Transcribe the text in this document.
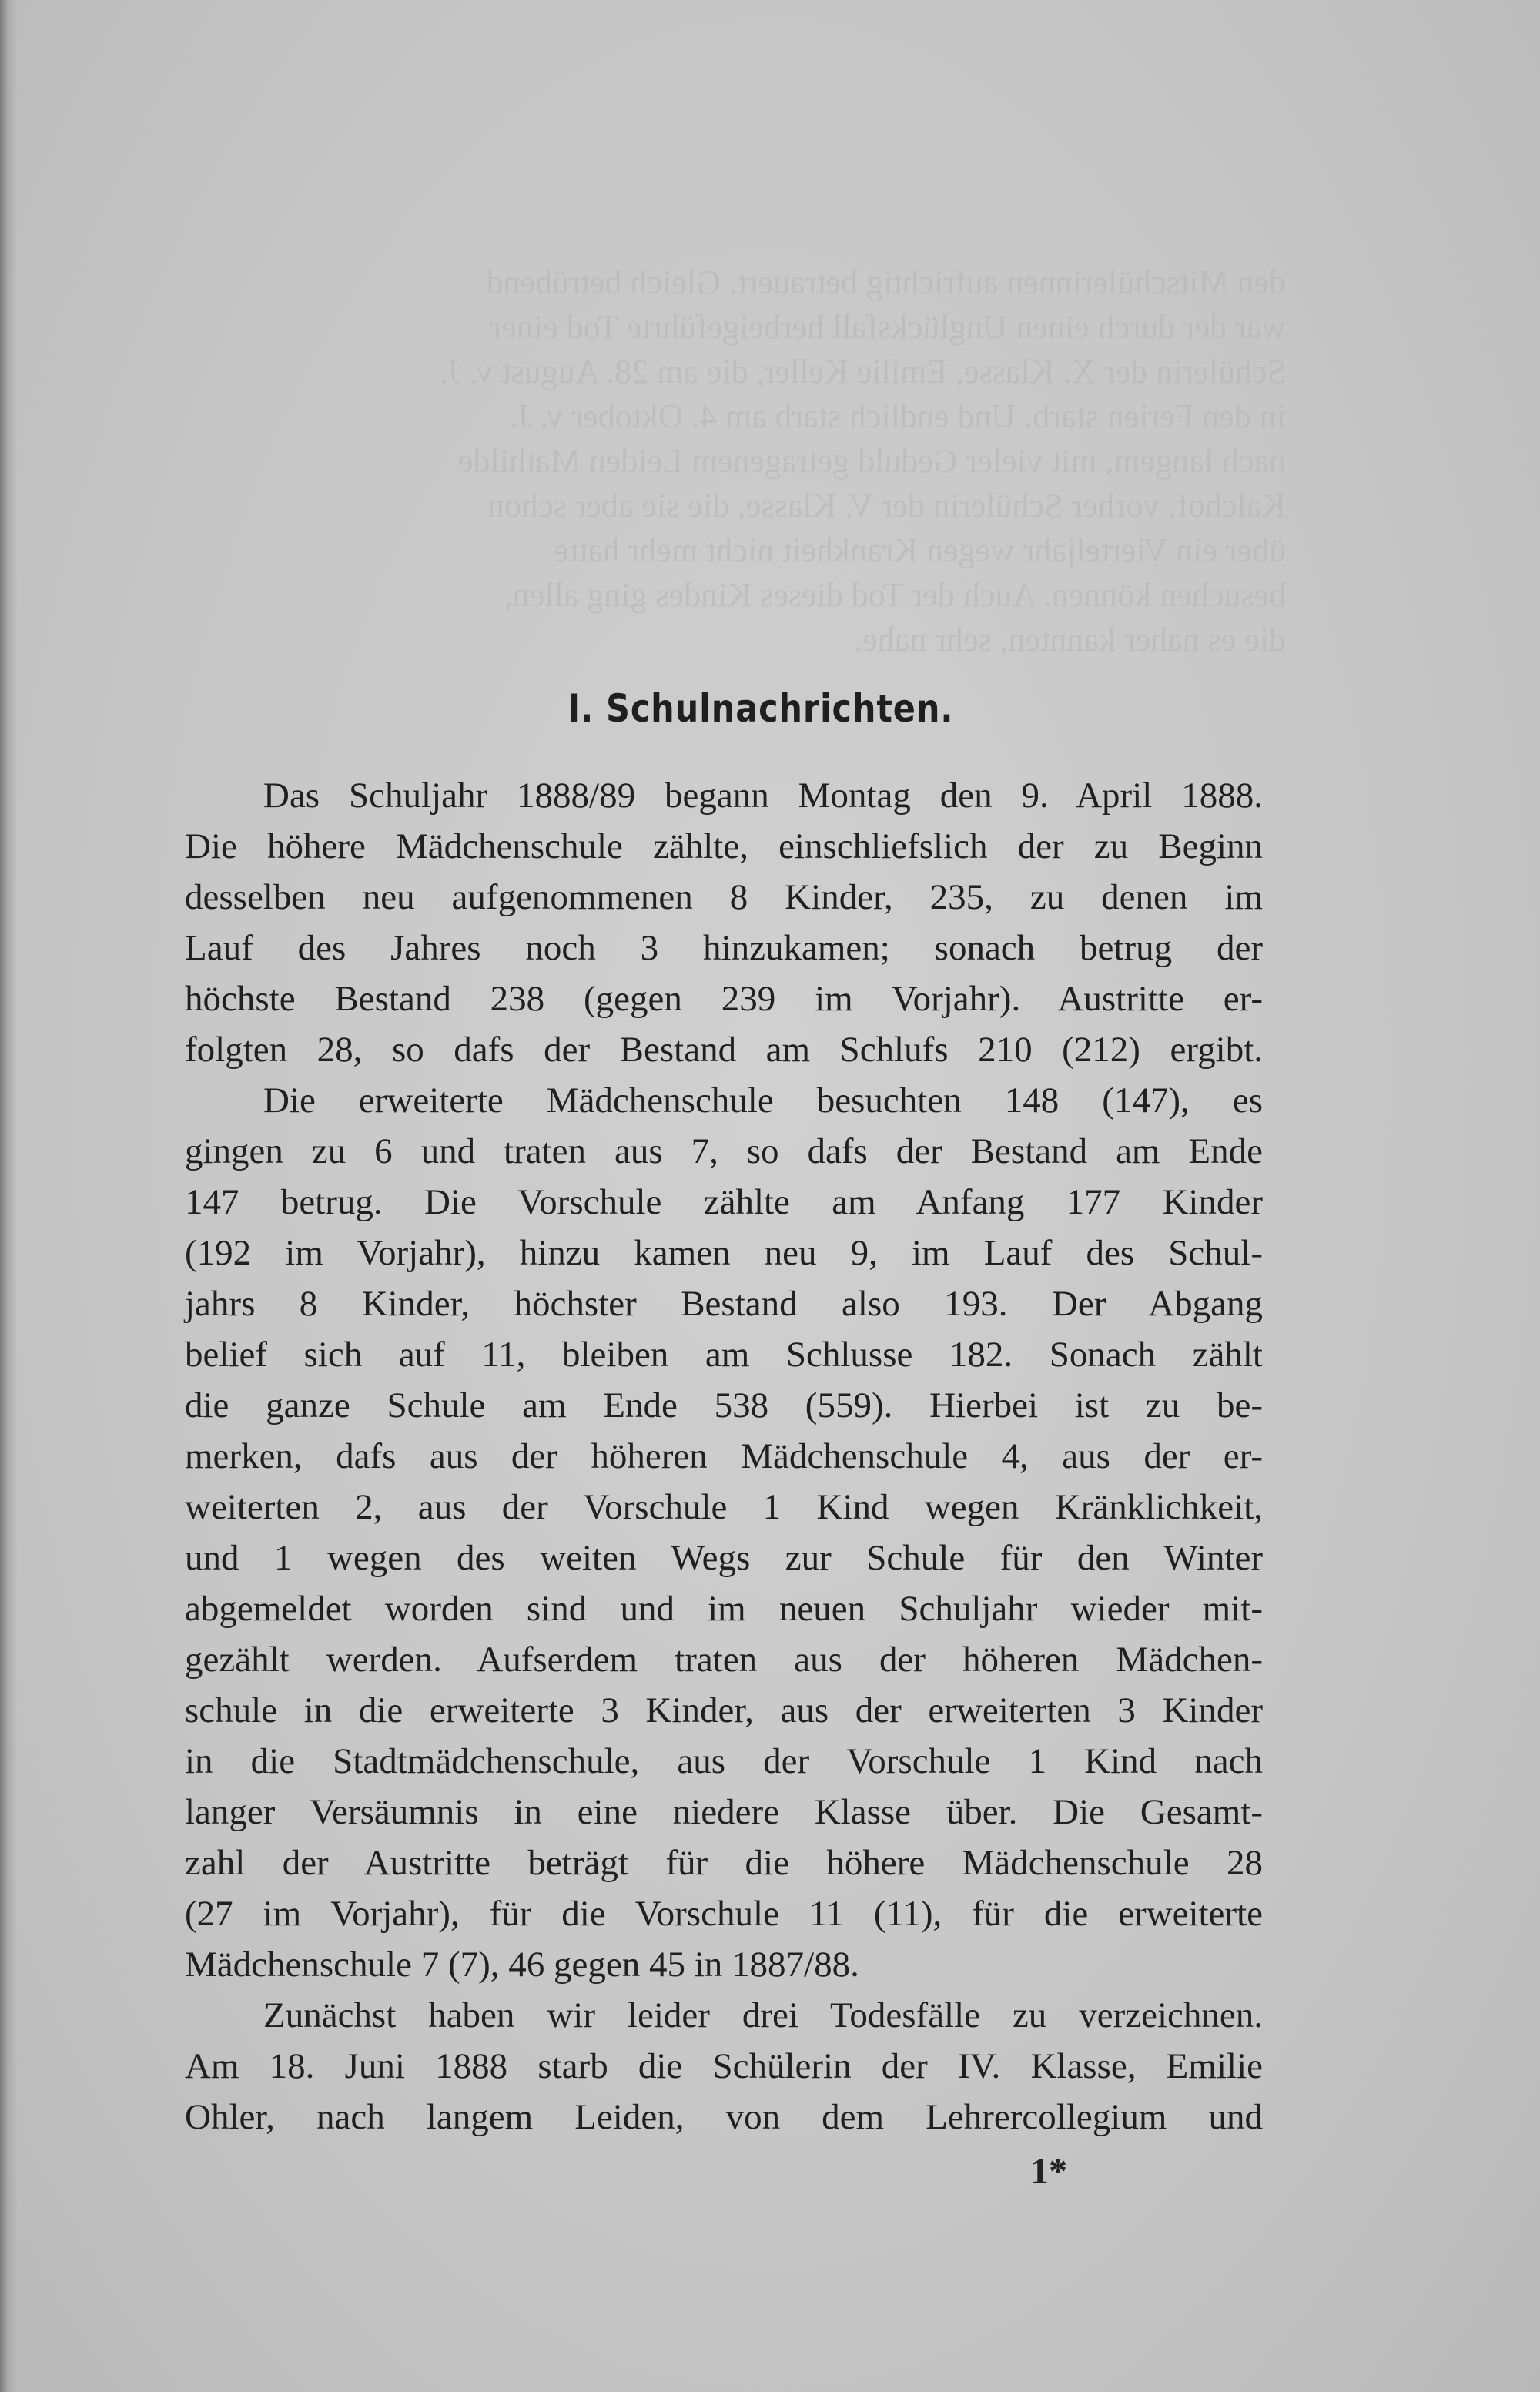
den Mitschülerinnen aufrichtig betrauert. Gleich betrübend
war der durch einen Unglücksfall herbeigeführte Tod einer
Schülerin der X. Klasse, Emilie Keller, die am 28. August v. J.
in den Ferien starb. Und endlich starb am 4. Oktober v. J.
nach langem, mit vieler Geduld getragenem Leiden Mathilde
Kalchof, vorher Schülerin der V. Klasse, die sie aber schon
über ein Vierteljahr wegen Krankheit nicht mehr hatte
besuchen können. Auch der Tod dieses Kindes ging allen,
die es naher kannten, sehr nahe.
I. Schulnachrichten.
Das Schuljahr 1888/89 begann Montag den 9. April 1888.
Die höhere Mädchenschule zählte, einschliefslich der zu Beginn
desselben neu aufgenommenen 8 Kinder, 235, zu denen im
Lauf des Jahres noch 3 hinzukamen; sonach betrug der
höchste Bestand 238 (gegen 239 im Vorjahr). Austritte er-
folgten 28, so dafs der Bestand am Schlufs 210 (212) ergibt.
Die erweiterte Mädchenschule besuchten 148 (147), es
gingen zu 6 und traten aus 7, so dafs der Bestand am Ende
147 betrug. Die Vorschule zählte am Anfang 177 Kinder
(192 im Vorjahr), hinzu kamen neu 9, im Lauf des Schul-
jahrs 8 Kinder, höchster Bestand also 193. Der Abgang
belief sich auf 11, bleiben am Schlusse 182. Sonach zählt
die ganze Schule am Ende 538 (559). Hierbei ist zu be-
merken, dafs aus der höheren Mädchenschule 4, aus der er-
weiterten 2, aus der Vorschule 1 Kind wegen Kränklichkeit,
und 1 wegen des weiten Wegs zur Schule für den Winter
abgemeldet worden sind und im neuen Schuljahr wieder mit-
gezählt werden. Aufserdem traten aus der höheren Mädchen-
schule in die erweiterte 3 Kinder, aus der erweiterten 3 Kinder
in die Stadtmädchenschule, aus der Vorschule 1 Kind nach
langer Versäumnis in eine niedere Klasse über. Die Gesamt-
zahl der Austritte beträgt für die höhere Mädchenschule 28
(27 im Vorjahr), für die Vorschule 11 (11), für die erweiterte
Mädchenschule 7 (7), 46 gegen 45 in 1887/88.
Zunächst haben wir leider drei Todesfälle zu verzeichnen.
Am 18. Juni 1888 starb die Schülerin der IV. Klasse, Emilie
Ohler, nach langem Leiden, von dem Lehrercollegium und
1*
